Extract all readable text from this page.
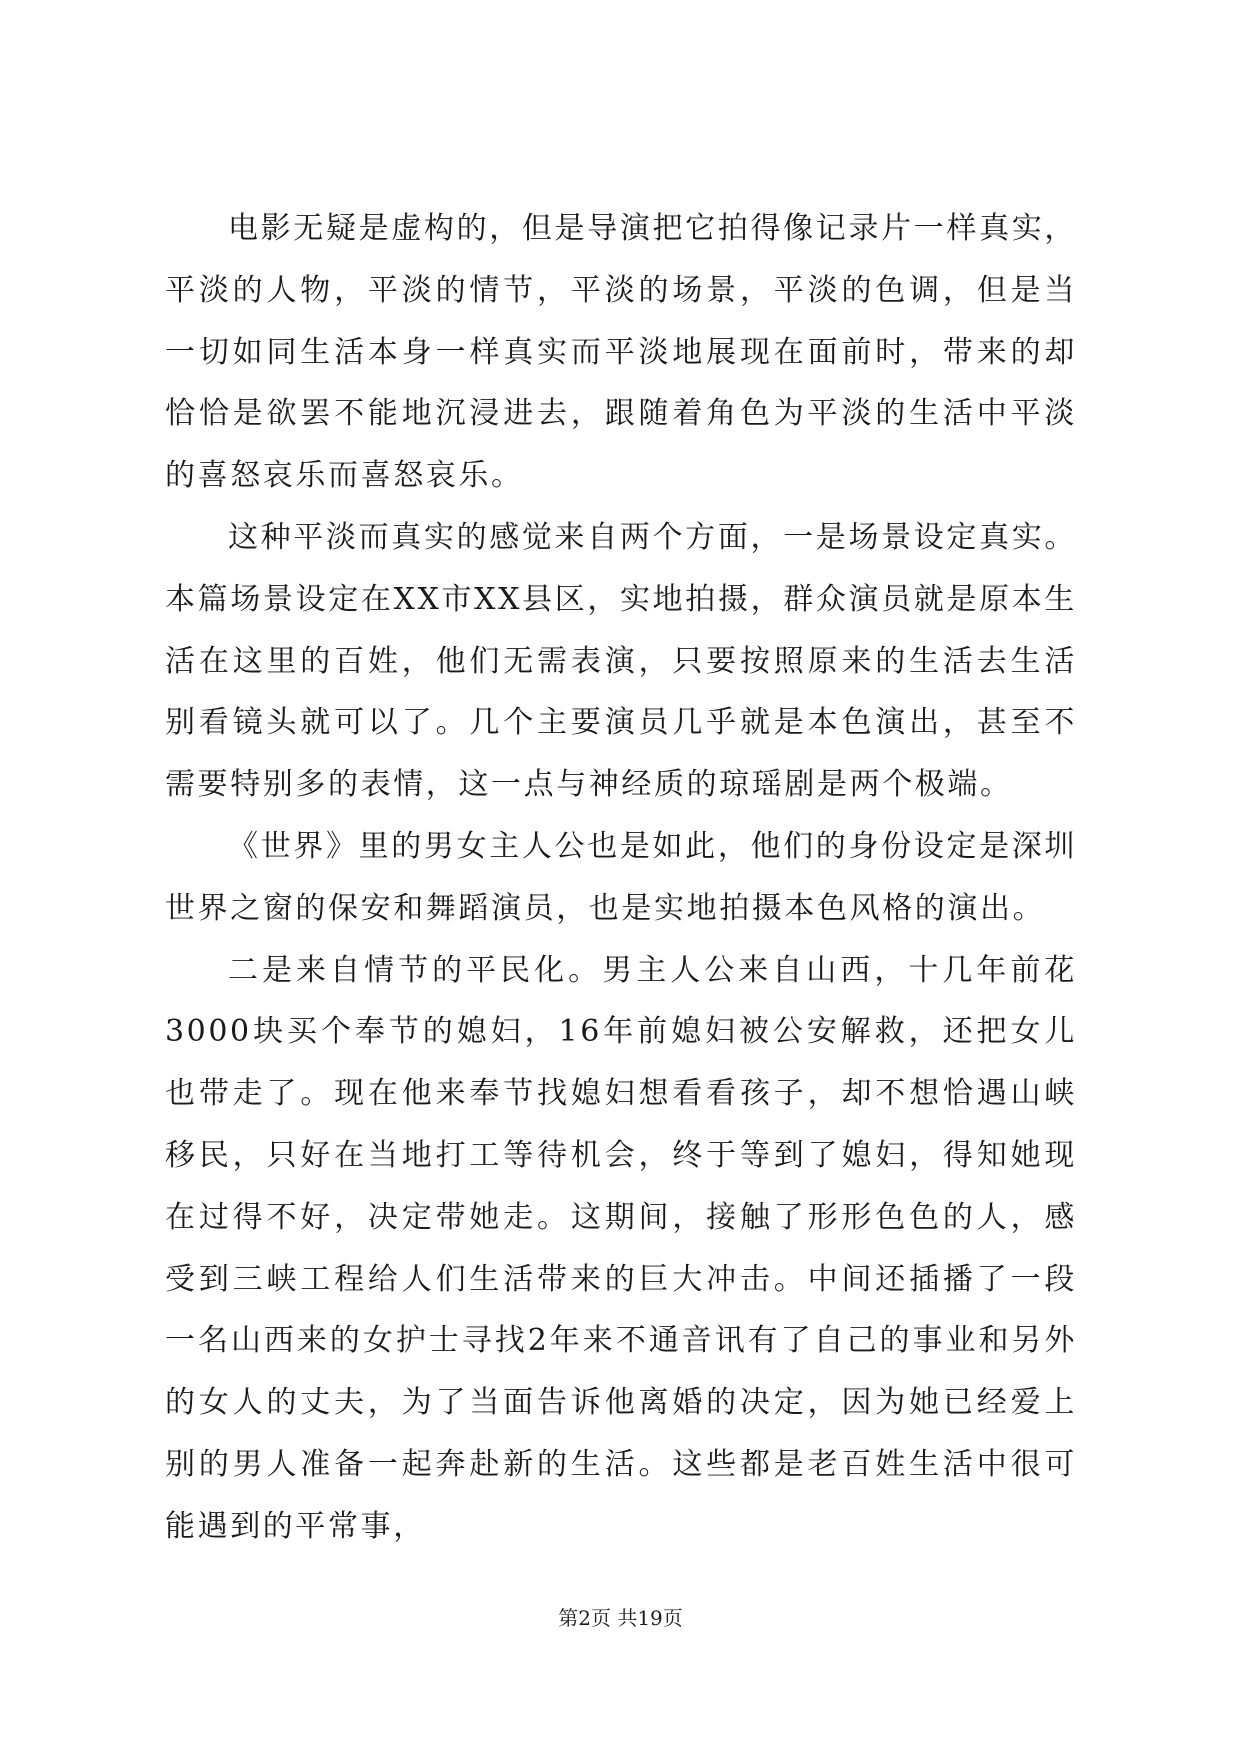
电影无疑是虚构的，但是导演把它拍得像记录片一样真实，平淡的人物，平淡的情节，平淡的场景，平淡的色调，但是当一切如同生活本身一样真实而平淡地展现在面前时，带来的却恰恰是欲罢不能地沉浸进去，跟随着角色为平淡的生活中平淡的喜怒哀乐而喜怒哀乐。

这种平淡而真实的感觉来自两个方面，一是场景设定真实。本篇场景设定在XX市XX县区，实地拍摄，群众演员就是原本生活在这里的百姓，他们无需表演，只要按照原来的生活去生活别看镜头就可以了。几个主要演员几乎就是本色演出，甚至不需要特别多的表情，这一点与神经质的琼瑶剧是两个极端。

《世界》里的男女主人公也是如此，他们的身份设定是深圳世界之窗的保安和舞蹈演员，也是实地拍摄本色风格的演出。

二是来自情节的平民化。男主人公来自山西，十几年前花3000块买个奉节的媳妇，16年前媳妇被公安解救，还把女儿也带走了。现在他来奉节找媳妇想看看孩子，却不想恰遇山峡移民，只好在当地打工等待机会，终于等到了媳妇，得知她现在过得不好，决定带她走。这期间，接触了形形色色的人，感受到三峡工程给人们生活带来的巨大冲击。中间还插播了一段一名山西来的女护士寻找2年来不通音讯有了自己的事业和另外的女人的丈夫，为了当面告诉他离婚的决定，因为她已经爱上别的男人准备一起奔赴新的生活。这些都是老百姓生活中很可能遇到的平常事，

第2页 共19页
